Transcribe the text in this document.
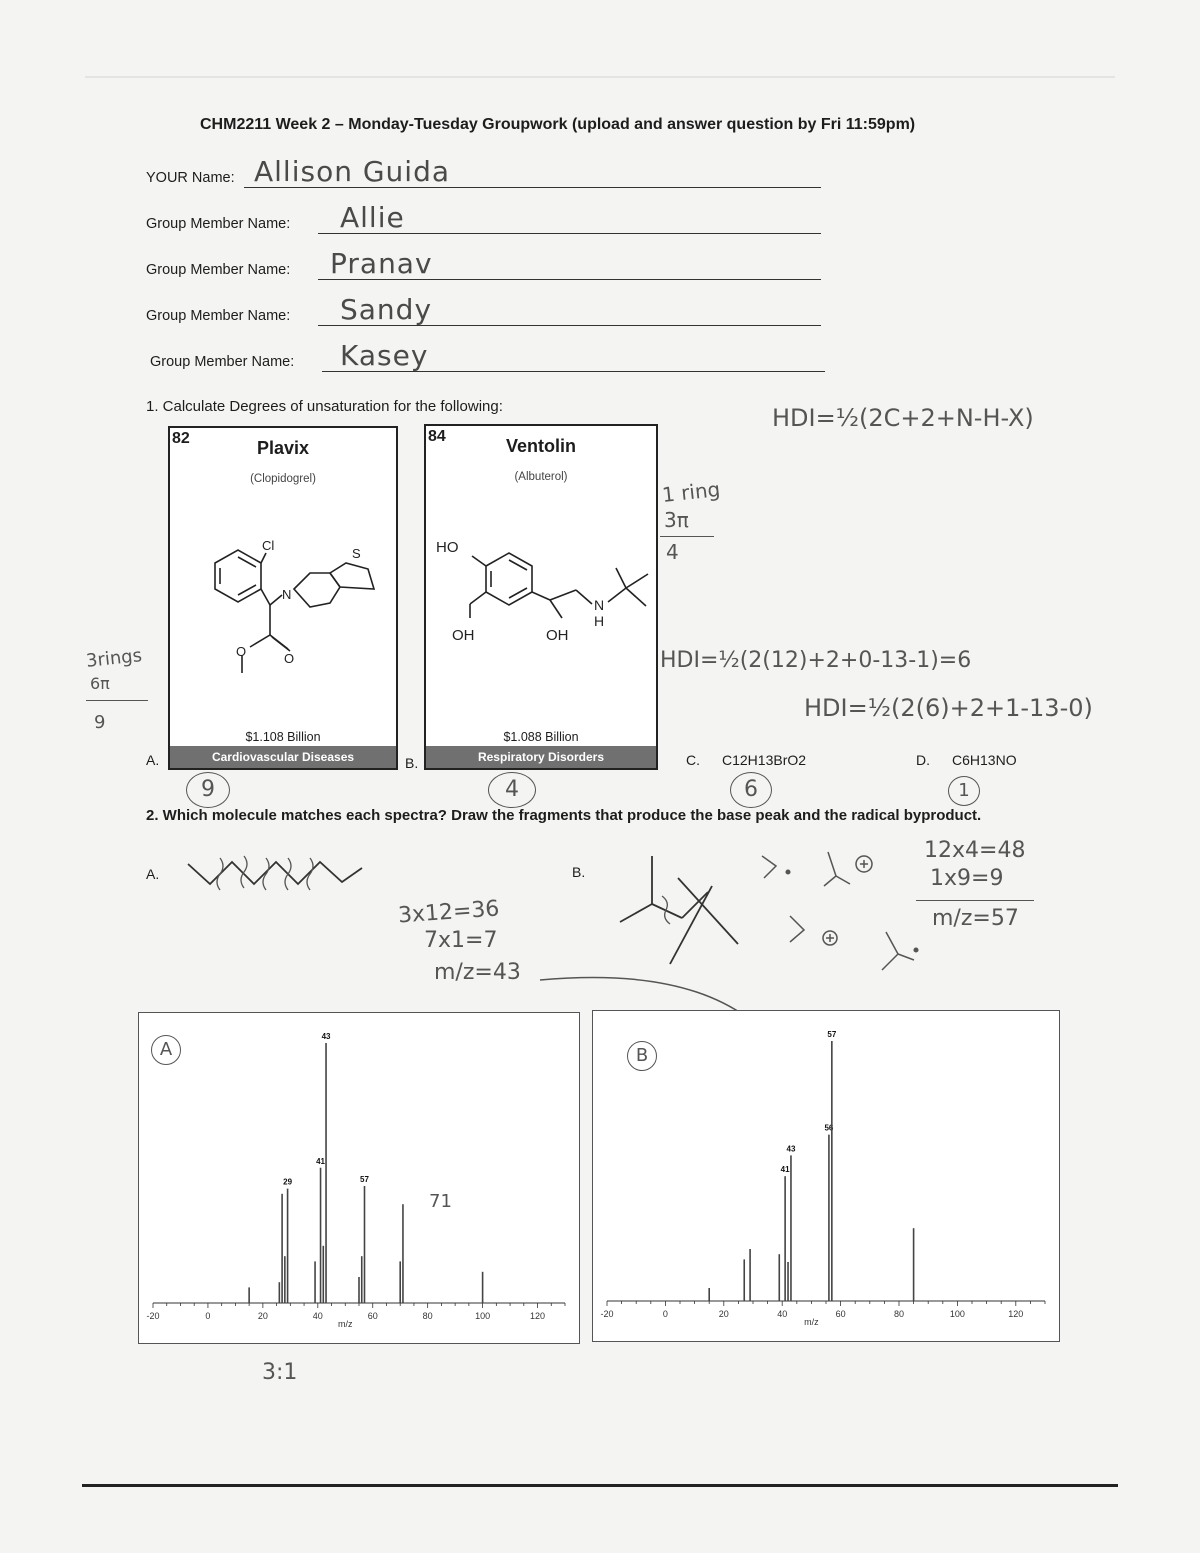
CHM2211 Week 2 – Monday-Tuesday Groupwork (upload and answer question by Fri 11:59pm)
YOUR Name: Allison Guida
Group Member Name: Allie
Group Member Name: Pranav
Group Member Name: Sandy
Group Member Name: Kasey
1. Calculate Degrees of unsaturation for the following:	HDI=½(2C+2+N-H-X)
82	Plavix
(Clopidogrel)
Cl
S
N
O	O
$1.108 Billion
Cardiovascular Diseases
A.
84	Ventolin
(Albuterol)
HO
OH	OH
N
H
$1.088 Billion
Respiratory Disorders
B.	C. C12H13BrO2	D. C6H13NO
9	4	6	1
3rings
6π
9
1 ring
3π
4
HDI=½(2(12)+2+0-13-1)=6
HDI=½(2(6)+2+1-13-0)
2. Which molecule matches each spectra? Draw the fragments that produce the base peak and the radical byproduct.
A.	B.
3x12=36
7x1=7
m/z=43
12x4=48
1x9=9
m/z=57
-20	0	20	40	60	80	100	120
m/z
29
41
43
57
A
71
-20	0	20	40	60	80	100	120
m/z
41
43
56
57
B
3:1
